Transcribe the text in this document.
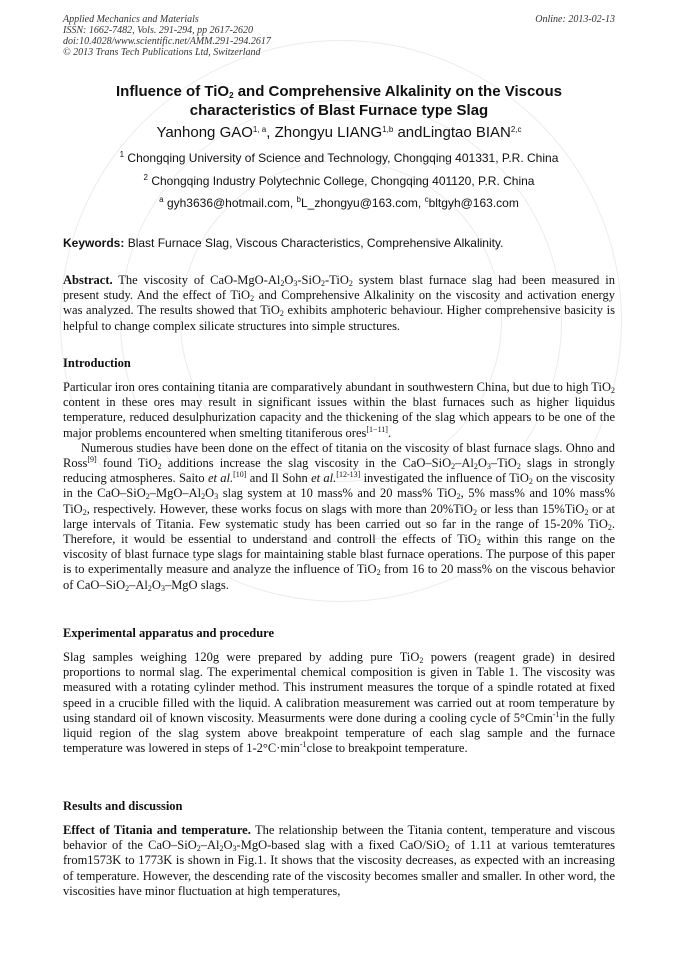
Applied Mechanics and Materials
ISSN: 1662-7482, Vols. 291-294, pp 2617-2620
doi:10.4028/www.scientific.net/AMM.291-294.2617
© 2013 Trans Tech Publications Ltd, Switzerland
Online: 2013-02-13
Influence of TiO$_2$ and Comprehensive Alkalinity on the Viscous
characteristics of Blast Furnace type Slag
Yanhong GAO$^{1, a}$, Zhongyu LIANG$^{1,b}$ andLingtao BIAN$^{2,c}$
$^1$ Chongqing University of Science and Technology, Chongqing 401331, P.R. China
$^2$ Chongqing Industry Polytechnic College, Chongqing 401120, P.R. China
$^a$ gyh3636@hotmail.com, $^b$L_zhongyu@163.com, $^c$bltgyh@163.com
Keywords: Blast Furnace Slag, Viscous Characteristics, Comprehensive Alkalinity.

Abstract. The viscosity of CaO-$MgO-Al_2O_3-SiO_2-TiO_2$ system blast furnace slag had been measured in present study. And the effect of TiO$_2$ and Comprehensive Alkalinity on the viscosity and activation energy was analyzed. The results showed that TiO$_2$ exhibits amphoteric behaviour. Higher comprehensive basicity is helpful to change complex silicate structures into simple structures.

Introduction

Particular iron ores containing titania are comparatively abundant in southwestern China, but due to high TiO$_2$ content in these ores may result in significant issues within the blast furnaces such as higher liquidus temperature, reduced desulphurization capacity and the thickening of the slag which appears to be one of the major problems encountered when smelting titaniferous ores[1−11].

Numerous studies have been done on the effect of titania on the viscosity of blast furnace slags. Ohno and Ross[9] found TiO$_2$ additions increase the slag viscosity in the CaO–$SiO_2-Al_2O_3-TiO_2$ slags in strongly reducing atmospheres. Saito et al.[10] and Il Sohn et al.[12-13] investigated the influence of TiO$_2$ on the viscosity in the CaO–$SiO_2-MgO-Al_2O_3$ slag system at 10 mass% and 20 mass% TiO$_2$, 5% mass% and 10% mass% TiO$_2$, respectively. However, these works focus on slags with more than 20%TiO$_2$ or less than 15%TiO$_2$ or at large intervals of Titania. Few systematic study has been carried out so far in the range of 15-20% TiO$_2$. Therefore, it would be essential to understand and controll the effects of TiO$_2$ within this range on the viscosity of blast furnace type slags for maintaining stable blast furnace operations. The purpose of this paper is to experimentally measure and analyze the influence of TiO$_2$ from 16 to 20 mass% on the viscous behavior of CaO–$SiO_2-Al_2O_3$–MgO slags.

Experimental apparatus and procedure

Slag samples weighing 120g were prepared by adding pure TiO$_2$ powers (reagent grade) in desired proportions to normal slag. The experimental chemical composition is given in Table 1. The viscosity was measured with a rotating cylinder method. This instrument measures the torque of a spindle rotated at fixed speed in a crucible filled with the liquid. A calibration measurement was carried out at room temperature by using standard oil of known viscosity. Measurments were done during a cooling cycle of 5°Cmin$^{-1}$in the fully liquid region of the slag system above breakpoint temperature of each slag sample and the furnace temperature was lowered in steps of $1-2^\circ C\cdot\min^{-1}close$ to breakpoint temperature.

Results and discussion

Effect of Titania and temperature. The relationship between the Titania content, temperature and viscous behavior of the CaO–$SiO_2-Al_2O_3-MgO$-based slag with a fixed CaO/SiO$_2$ of 1.11 at various temteratures from1573K to 1773K is shown in Fig.1. It shows that the viscosity decreases, as expected with an increasing of temperature. However, the descending rate of the viscosity becomes smaller and smaller. In other word, the viscosities have minor fluctuation at high temperatures,
